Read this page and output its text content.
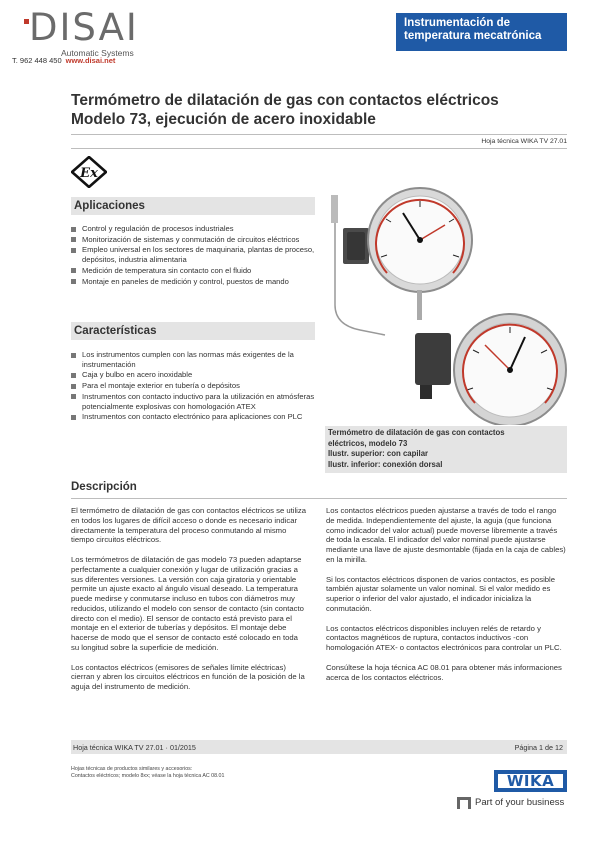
DISAI
Automatic Systems
T. 962 448 450 www.disai.net
Instrumentación de
temperatura mecatrónica
Termómetro de dilatación de gas con contactos eléctricos
Modelo 73, ejecución de acero inoxidable
Hoja técnica WIKA TV 27.01
Ex
Aplicaciones
Control y regulación de procesos industriales
Monitorización de sistemas y conmutación de circuitos eléctricos
Empleo universal en los sectores de maquinaria, plantas de proceso, depósitos, industria alimentaria
Medición de temperatura sin contacto con el fluido
Montaje en paneles de medición y control, puestos de mando
Características
Los instrumentos cumplen con las normas más exigentes de la instrumentación
Caja y bulbo en acero inoxidable
Para el montaje exterior en tubería o depósitos
Instrumentos con contacto inductivo para la utilización en atmósferas potencialmente explosivas con homologación ATEX
Instrumentos con contacto electrónico para aplicaciones con PLC
Termómetro de dilatación de gas con contactos
eléctricos, modelo 73
Ilustr. superior: con capilar
Ilustr. inferior: conexión dorsal
Descripción

El termómetro de dilatación de gas con contactos eléctricos se utiliza en todos los lugares de difícil acceso o donde es necesario indicar directamente la temperatura del proceso conmutando al mismo tiempo circuitos eléctricos.

Los termómetros de dilatación de gas modelo 73 pueden adaptarse perfectamente a cualquier conexión y lugar de utilización gracias a sus diferentes versiones. La versión con caja giratoria y orientable permite un ajuste exacto al ángulo visual deseado. La temperatura puede medirse y conmutarse incluso en tubos con diámetros muy reducidos, utilizando el modelo con sensor de contacto (sin contacto directo con el medio). El sensor de contacto está previsto para el montaje en el exterior de tuberías y depósitos. El montaje debe hacerse de modo que el sensor de contacto esté colocado en toda su longitud sobre la superficie de medición.

Los contactos eléctricos (emisores de señales límite eléctricas) cierran y abren los circuitos eléctricos en función de la posición de la aguja del instrumento de medición.

Los contactos eléctricos pueden ajustarse a través de todo el rango de medida. Independientemente del ajuste, la aguja (que funciona como indicador del valor actual) puede moverse libremente a través de toda la escala. El indicador del valor nominal puede ajustarse mediante una llave de ajuste desmontable (fijada en la caja de cables) en la mirilla.

Si los contactos eléctricos disponen de varios contactos, es posible también ajustar solamente un valor nominal. Si el valor medido es superior o inferior del valor ajustado, el indicador inicializa la conmutación.

Los contactos eléctricos disponibles incluyen relés de retardo y contactos magnéticos de ruptura, contactos inductivos -con homologación ATEX- o contactos electrónicos para controlar un PLC.

Consúltese la hoja técnica AC 08.01 para obtener más informaciones acerca de los contactos eléctricos.

Hoja técnica WIKA TV 27.01 · 01/2015	Página 1 de 12
Hojas técnicas de productos similares y accesorios:
Contactos eléctricos; modelo 8xx; véase la hoja técnica AC 08.01	WIKA
Part of your business
